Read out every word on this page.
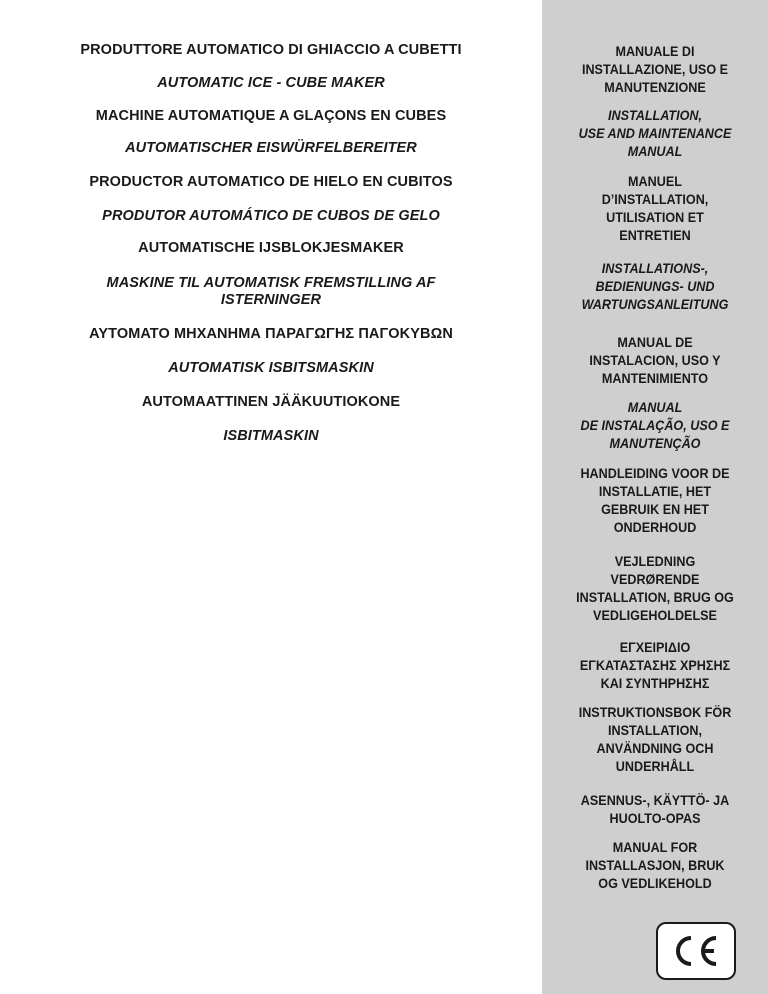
PRODUTTORE AUTOMATICO DI GHIACCIO A CUBETTI
AUTOMATIC ICE - CUBE MAKER
MACHINE AUTOMATIQUE A GLAÇONS EN CUBES
AUTOMATISCHER EISWÜRFELBEREITER
PRODUCTOR AUTOMATICO DE HIELO EN CUBITOS
PRODUTOR AUTOMÁTICO DE CUBOS DE GELO
AUTOMATISCHE IJSBLOKJESMAKER
MASKINE TIL AUTOMATISK FREMSTILLING AF
ISTERNINGER
ΑΥΤΟΜΑΤΟ ΜΗΧΑΝΗΜΑ ΠΑΡΑΓΩΓΗΣ ΠΑΓΟΚΥΒΩΝ
AUTOMATISK ISBITSMASKIN
AUTOMAATTINEN JÄÄKUUTIOKONE
ISBITMASKIN
MANUALE DI
INSTALLAZIONE, USO E
MANUTENZIONE
INSTALLATION,
USE AND MAINTENANCE
MANUAL
MANUEL
D’INSTALLATION,
UTILISATION ET
ENTRETIEN
INSTALLATIONS-,
BEDIENUNGS- UND
WARTUNGSANLEITUNG
MANUAL DE
INSTALACION, USO Y
MANTENIMIENTO
MANUAL
DE INSTALAÇÃO, USO E
MANUTENÇÃO
HANDLEIDING VOOR DE
INSTALLATIE, HET
GEBRUIK EN HET
ONDERHOUD
VEJLEDNING
VEDRØRENDE
INSTALLATION, BRUG OG
VEDLIGEHOLDELSE
ΕΓΧΕΙΡΙΔΙΟ
ΕΓΚΑΤΑΣΤΑΣΗΣ ΧΡΗΣΗΣ
ΚΑΙ ΣΥΝΤΗΡΗΣΗΣ
INSTRUKTIONSBOK FÖR
INSTALLATION,
ANVÄNDNING OCH
UNDERHÅLL
ASENNUS-, KÄYTTÖ- JA
HUOLTO-OPAS
MANUAL FOR
INSTALLASJON, BRUK
OG VEDLIKEHOLD
